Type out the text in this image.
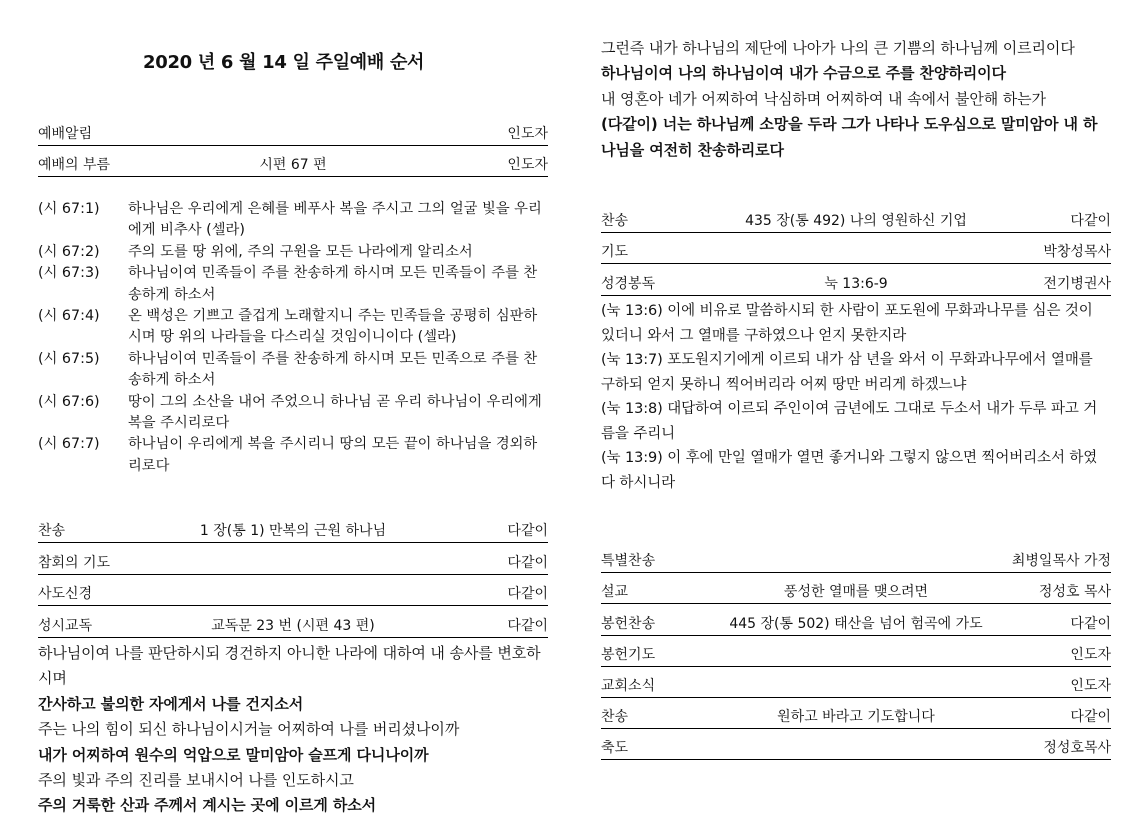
2020 년 6 월 14 일 주일예배 순서
예배알림	인도자
예배의 부름	시편 67 편	인도자
(시 67:1)	하나님은 우리에게 은혜를 베푸사 복을 주시고 그의 얼굴 빛을 우리에게 비추사 (셀라)
(시 67:2)	주의 도를 땅 위에, 주의 구원을 모든 나라에게 알리소서
(시 67:3)	하나님이여 민족들이 주를 찬송하게 하시며 모든 민족들이 주를 찬송하게 하소서
(시 67:4)	온 백성은 기쁘고 즐겁게 노래할지니 주는 민족들을 공평히 심판하시며 땅 위의 나라들을 다스리실 것임이니이다 (셀라)
(시 67:5)	하나님이여 민족들이 주를 찬송하게 하시며 모든 민족으로 주를 찬송하게 하소서
(시 67:6)	땅이 그의 소산을 내어 주었으니 하나님 곧 우리 하나님이 우리에게 복을 주시리로다
(시 67:7)	하나님이 우리에게 복을 주시리니 땅의 모든 끝이 하나님을 경외하리로다
찬송	1 장(통 1) 만복의 근원 하나님	다같이
참회의 기도	다같이
사도신경	다같이
성시교독	교독문 23 번 (시편 43 편)	다같이
하나님이여 나를 판단하시되 경건하지 아니한 나라에 대하여 내 송사를 변호하시며
간사하고 불의한 자에게서 나를 건지소서
주는 나의 힘이 되신 하나님이시거늘 어찌하여 나를 버리셨나이까
내가 어찌하여 원수의 억압으로 말미암아 슬프게 다니나이까
주의 빛과 주의 진리를 보내시어 나를 인도하시고
주의 거룩한 산과 주께서 계시는 곳에 이르게 하소서
그런즉 내가 하나님의 제단에 나아가 나의 큰 기쁨의 하나님께 이르리이다
하나님이여 나의 하나님이여 내가 수금으로 주를 찬양하리이다
내 영혼아 네가 어찌하여 낙심하며 어찌하여 내 속에서 불안해 하는가
(다같이) 너는 하나님께 소망을 두라 그가 나타나 도우심으로 말미암아 내 하나님을 여전히 찬송하리로다
찬송	435 장(통 492) 나의 영원하신 기업	다같이
기도	박창성목사
성경봉독	눅 13:6-9	전기병권사
(눅 13:6) 이에 비유로 말씀하시되 한 사람이 포도원에 무화과나무를 심은 것이 있더니 와서 그 열매를 구하였으나 얻지 못한지라
(눅 13:7) 포도원지기에게 이르되 내가 삼 년을 와서 이 무화과나무에서 열매를 구하되 얻지 못하니 찍어버리라 어찌 땅만 버리게 하겠느냐
(눅 13:8) 대답하여 이르되 주인이여 금년에도 그대로 두소서 내가 두루 파고 거름을 주리니
(눅 13:9) 이 후에 만일 열매가 열면 좋거니와 그렇지 않으면 찍어버리소서 하였다 하시니라
특별찬송	최병일목사 가정
설교	풍성한 열매를 맺으려면	정성호 목사
봉헌찬송	445 장(통 502) 태산을 넘어 험곡에 가도	다같이
봉헌기도	인도자
교회소식	인도자
찬송	원하고 바라고 기도합니다	다같이
축도	정성호목사
